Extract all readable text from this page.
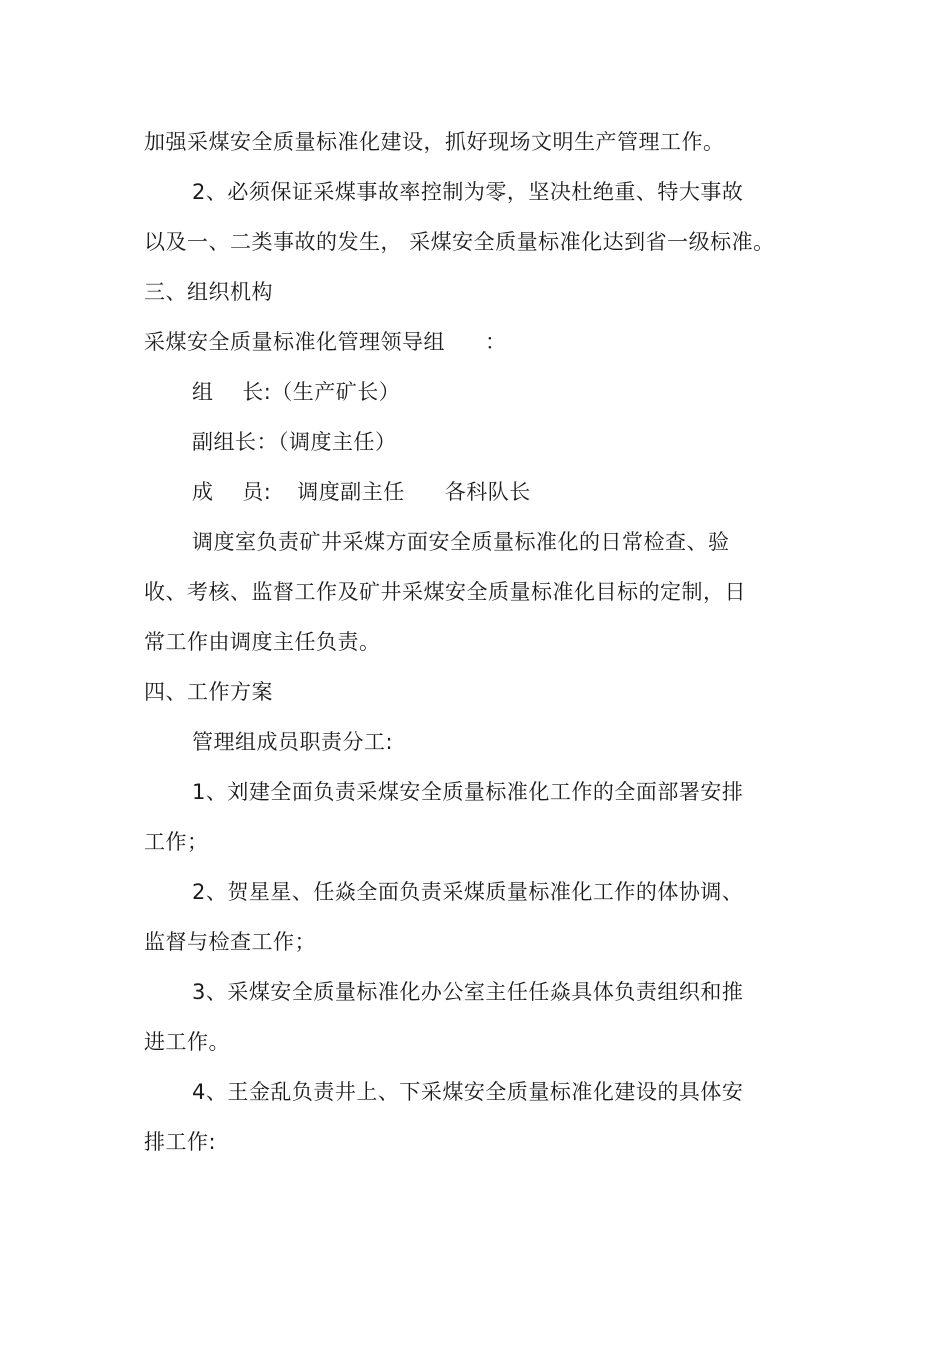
加强采煤安全质量标准化建设，抓好现场文明生产管理工作。
2、必须保证采煤事故率控制为零，坚决杜绝重、特大事故
以及一、二类事故的发生， 采煤安全质量标准化达到省一级标准。
三、组织机构
采煤安全质量标准化管理领导组 ：
组    长:（生产矿长）
副组长：（调度主任）
成    员: 调度副主任 各科队长
调度室负责矿井采煤方面安全质量标准化的日常检查、验
收、考核、监督工作及矿井采煤安全质量标准化目标的定制，日
常工作由调度主任负责。
四、工作方案
管理组成员职责分工:
1、刘建全面负责采煤安全质量标准化工作的全面部署安排
工作；
2、贺星星、任焱全面负责采煤质量标准化工作的体协调、
监督与检查工作；
3、采煤安全质量标准化办公室主任任焱具体负责组织和推
进工作。
4、王金乱负责井上、下采煤安全质量标准化建设的具体安
排工作:
